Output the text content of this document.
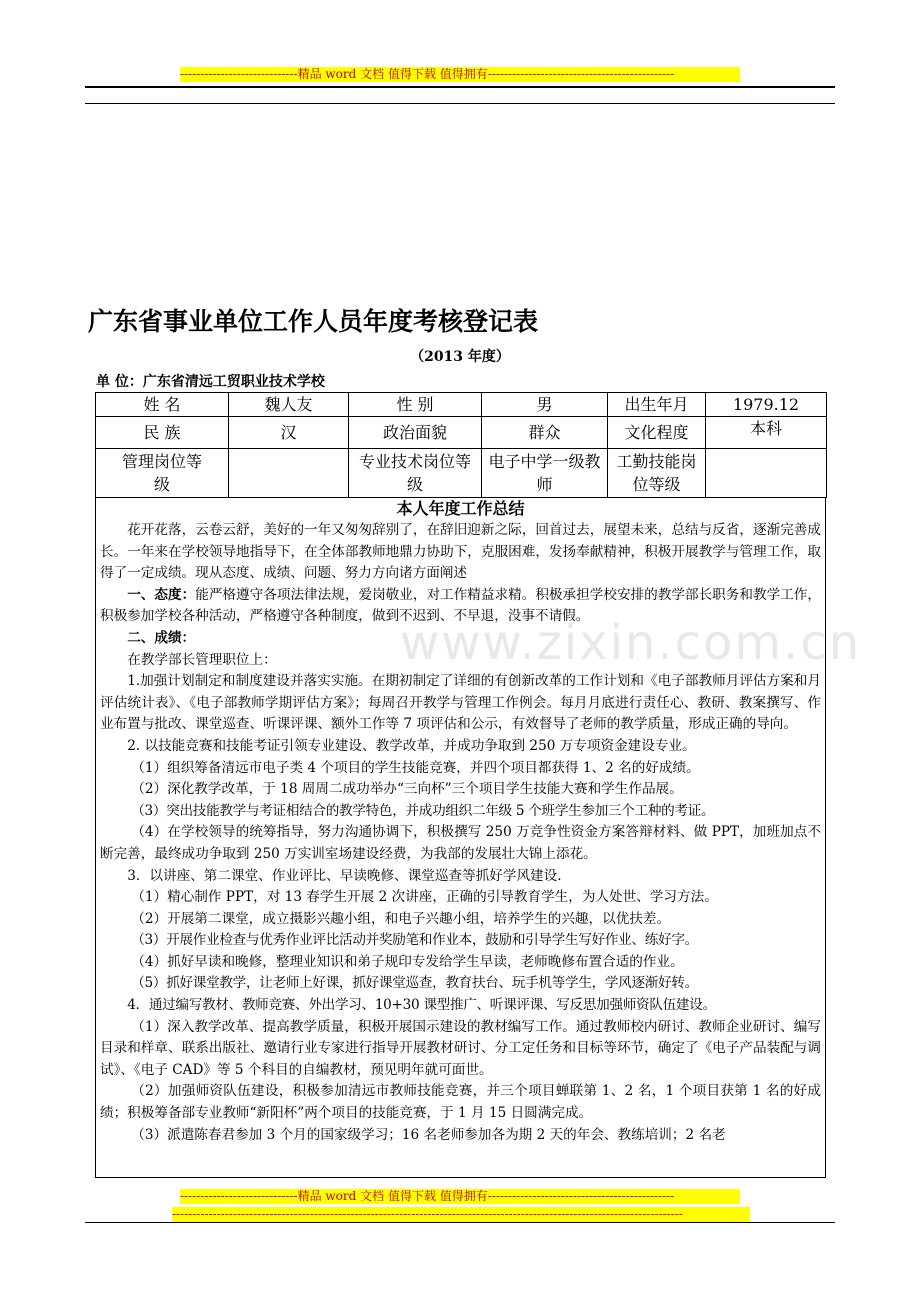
-----------------------------精品 word 文档 值得下载 值得拥有----------------------------------------------
广东省事业单位工作人员年度考核登记表
（2013 年度）
单 位：广东省清远工贸职业技术学校
姓 名	魏人友	性 别	男	出生年月	1979.12
民 族	汉	政治面貌	群众	文化程度	本科
管理岗位等级		专业技术岗位等级	电子中学一级教师	工勤技能岗位等级	
本人年度工作总结

花开花落，云卷云舒，美好的一年又匆匆辞别了，在辞旧迎新之际，回首过去，展望未来，总结与反省，逐渐完善成长。一年来在学校领导地指导下，在全体部教师地鼎力协助下，克服困难，发扬奉献精神，积极开展教学与管理工作，取得了一定成绩。现从态度、成绩、问题、努力方向诸方面阐述

一、态度：能严格遵守各项法律法规，爱岗敬业，对工作精益求精。积极承担学校安排的教学部长职务和教学工作，积极参加学校各种活动，严格遵守各种制度，做到不迟到、不早退，没事不请假。

二、成绩：

在教学部长管理职位上：

1.加强计划制定和制度建设并落实实施。在期初制定了详细的有创新改革的工作计划和《电子部教师月评估方案和月评估统计表》、《电子部教师学期评估方案》；每周召开教学与管理工作例会。每月月底进行责任心、教研、教案撰写、作业布置与批改、课堂巡查、听课评课、额外工作等 7 项评估和公示，有效督导了老师的教学质量，形成正确的导向。

2. 以技能竞赛和技能考证引领专业建设、教学改革，并成功争取到 250 万专项资金建设专业。

（1）组织筹备清远市电子类 4 个项目的学生技能竞赛，并四个项目都获得 1、2 名的好成绩。

（2）深化教学改革，于 18 周周二成功举办“三向杯”三个项目学生技能大赛和学生作品展。

（3）突出技能教学与考证相结合的教学特色，并成功组织二年级 5 个班学生参加三个工种的考证。

（4）在学校领导的统筹指导，努力沟通协调下，积极撰写 250 万竞争性资金方案答辩材料、做 PPT，加班加点不断完善，最终成功争取到 250 万实训室场建设经费，为我部的发展壮大锦上添花。

3．以讲座、第二课堂、作业评比、早读晚修、课堂巡查等抓好学风建设.

（1）精心制作 PPT，对 13 春学生开展 2 次讲座，正确的引导教育学生，为人处世、学习方法。

（2）开展第二课堂，成立摄影兴趣小组，和电子兴趣小组，培养学生的兴趣，以优扶差。

（3）开展作业检查与优秀作业评比活动并奖励笔和作业本，鼓励和引导学生写好作业、练好字。

（4）抓好早读和晚修，整理业知识和弟子规印专发给学生早读，老师晚修布置合适的作业。

（5）抓好课堂教学，让老师上好课，抓好课堂巡查，教育扶台、玩手机等学生，学风逐渐好转。

4．通过编写教材、教师竞赛、外出学习、10+30 课型推广、听课评课、写反思加强师资队伍建设。

（1）深入教学改革、提高教学质量，积极开展国示建设的教材编写工作。通过教师校内研讨、教师企业研讨、编写目录和样章、联系出版社、邀请行业专家进行指导开展教材研讨、分工定任务和目标等环节，确定了《电子产品装配与调试》、《电子 CAD》等 5 个科目的自编教材，预见明年就可面世。

（2）加强师资队伍建设，积极参加清远市教师技能竞赛，并三个项目蝉联第 1、2 名，1 个项目获第 1 名的好成绩；积极筹备部专业教师“新阳杯”两个项目的技能竞赛，于 1 月 15 日圆满完成。

（3）派遣陈春君参加 3 个月的国家级学习；16 名老师参加各为期 2 天的年会、教练培训；2 名老

www.zixin.com.cn
-----------------------------精品 word 文档 值得下载 值得拥有----------------------------------------------
------------------------------------------------------------------------------------------------------------------------------
